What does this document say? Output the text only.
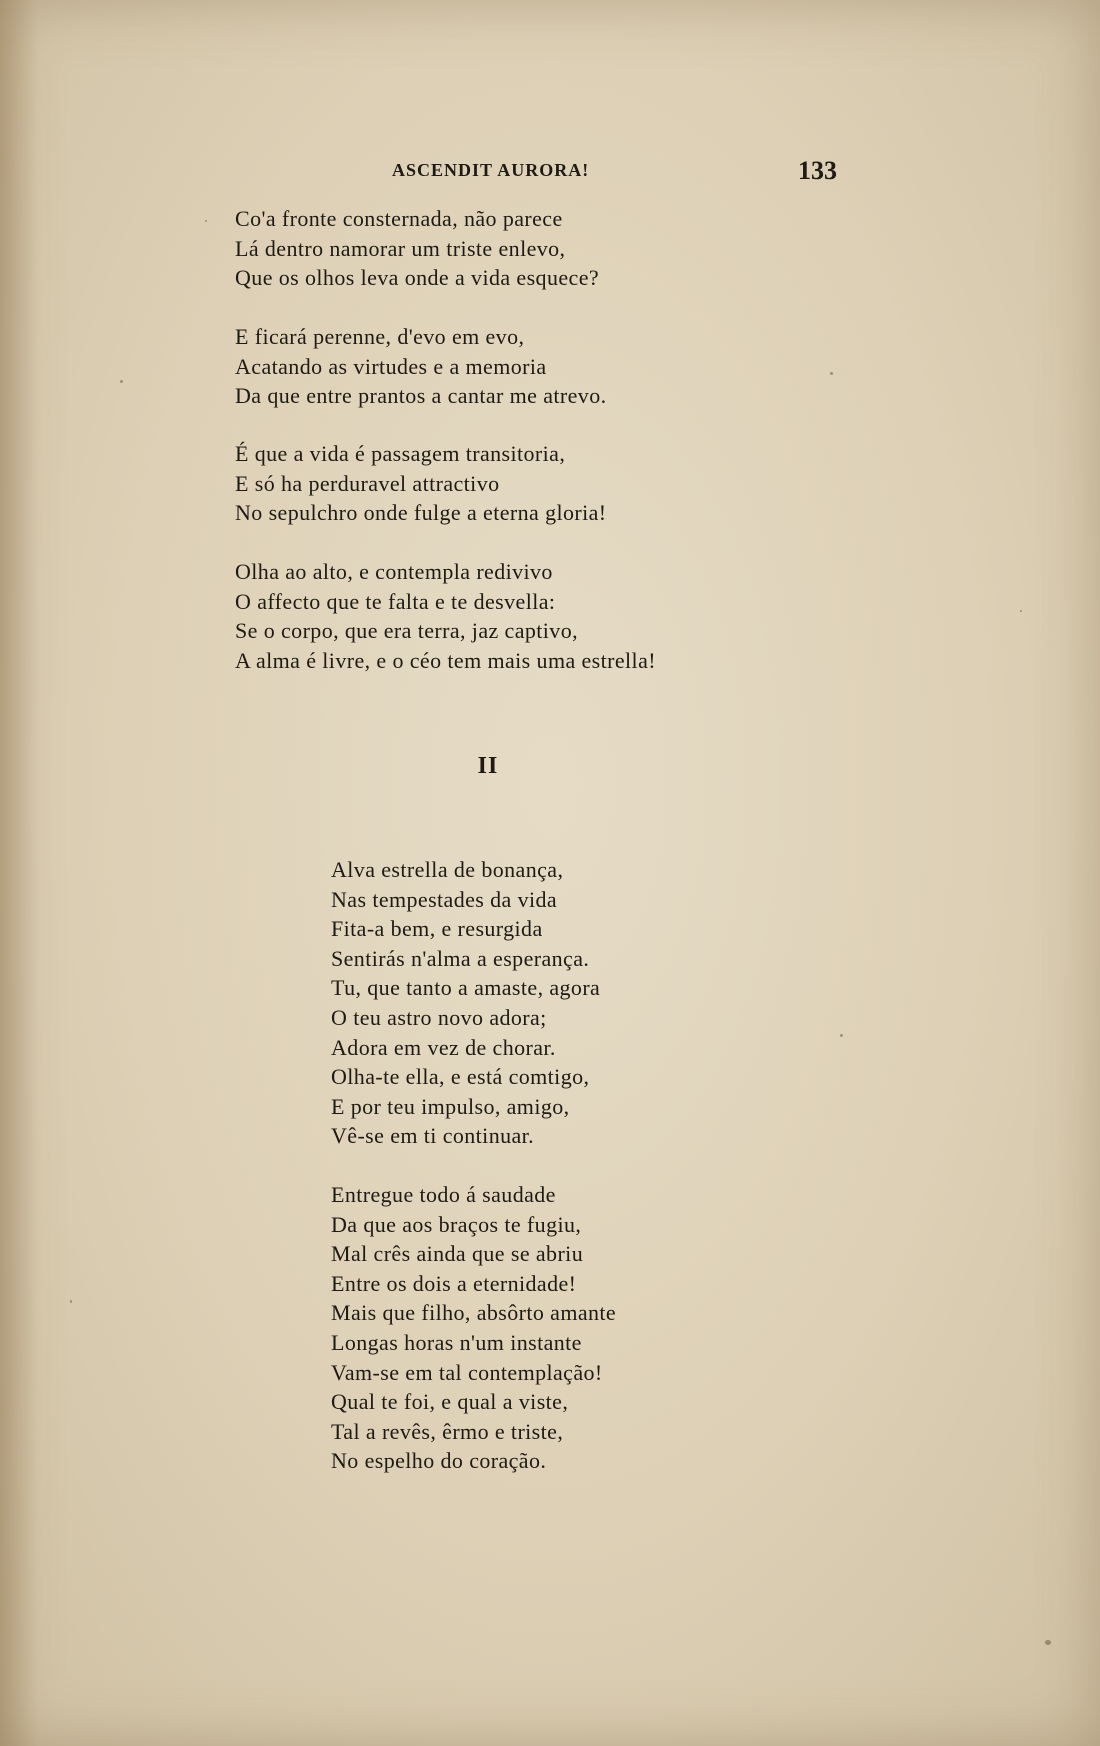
ASCENDIT AURORA!	133
Co'a fronte consternada, não parece
Lá dentro namorar um triste enlevo,
Que os olhos leva onde a vida esquece?
E ficará perenne, d'evo em evo,
Acatando as virtudes e a memoria
Da que entre prantos a cantar me atrevo.
É que a vida é passagem transitoria,
E só ha perduravel attractivo
No sepulchro onde fulge a eterna gloria!
Olha ao alto, e contempla redivivo
O affecto que te falta e te desvella:
Se o corpo, que era terra, jaz captivo,
A alma é livre, e o céo tem mais uma estrella!
II
Alva estrella de bonança,
Nas tempestades da vida
Fita-a bem, e resurgida
Sentirás n'alma a esperança.
Tu, que tanto a amaste, agora
O teu astro novo adora;
Adora em vez de chorar.
Olha-te ella, e está comtigo,
E por teu impulso, amigo,
Vê-se em ti continuar.
Entregue todo á saudade
Da que aos braços te fugiu,
Mal crês ainda que se abriu
Entre os dois a eternidade!
Mais que filho, absôrto amante
Longas horas n'um instante
Vam-se em tal contemplação!
Qual te foi, e qual a viste,
Tal a revês, êrmo e triste,
No espelho do coração.
